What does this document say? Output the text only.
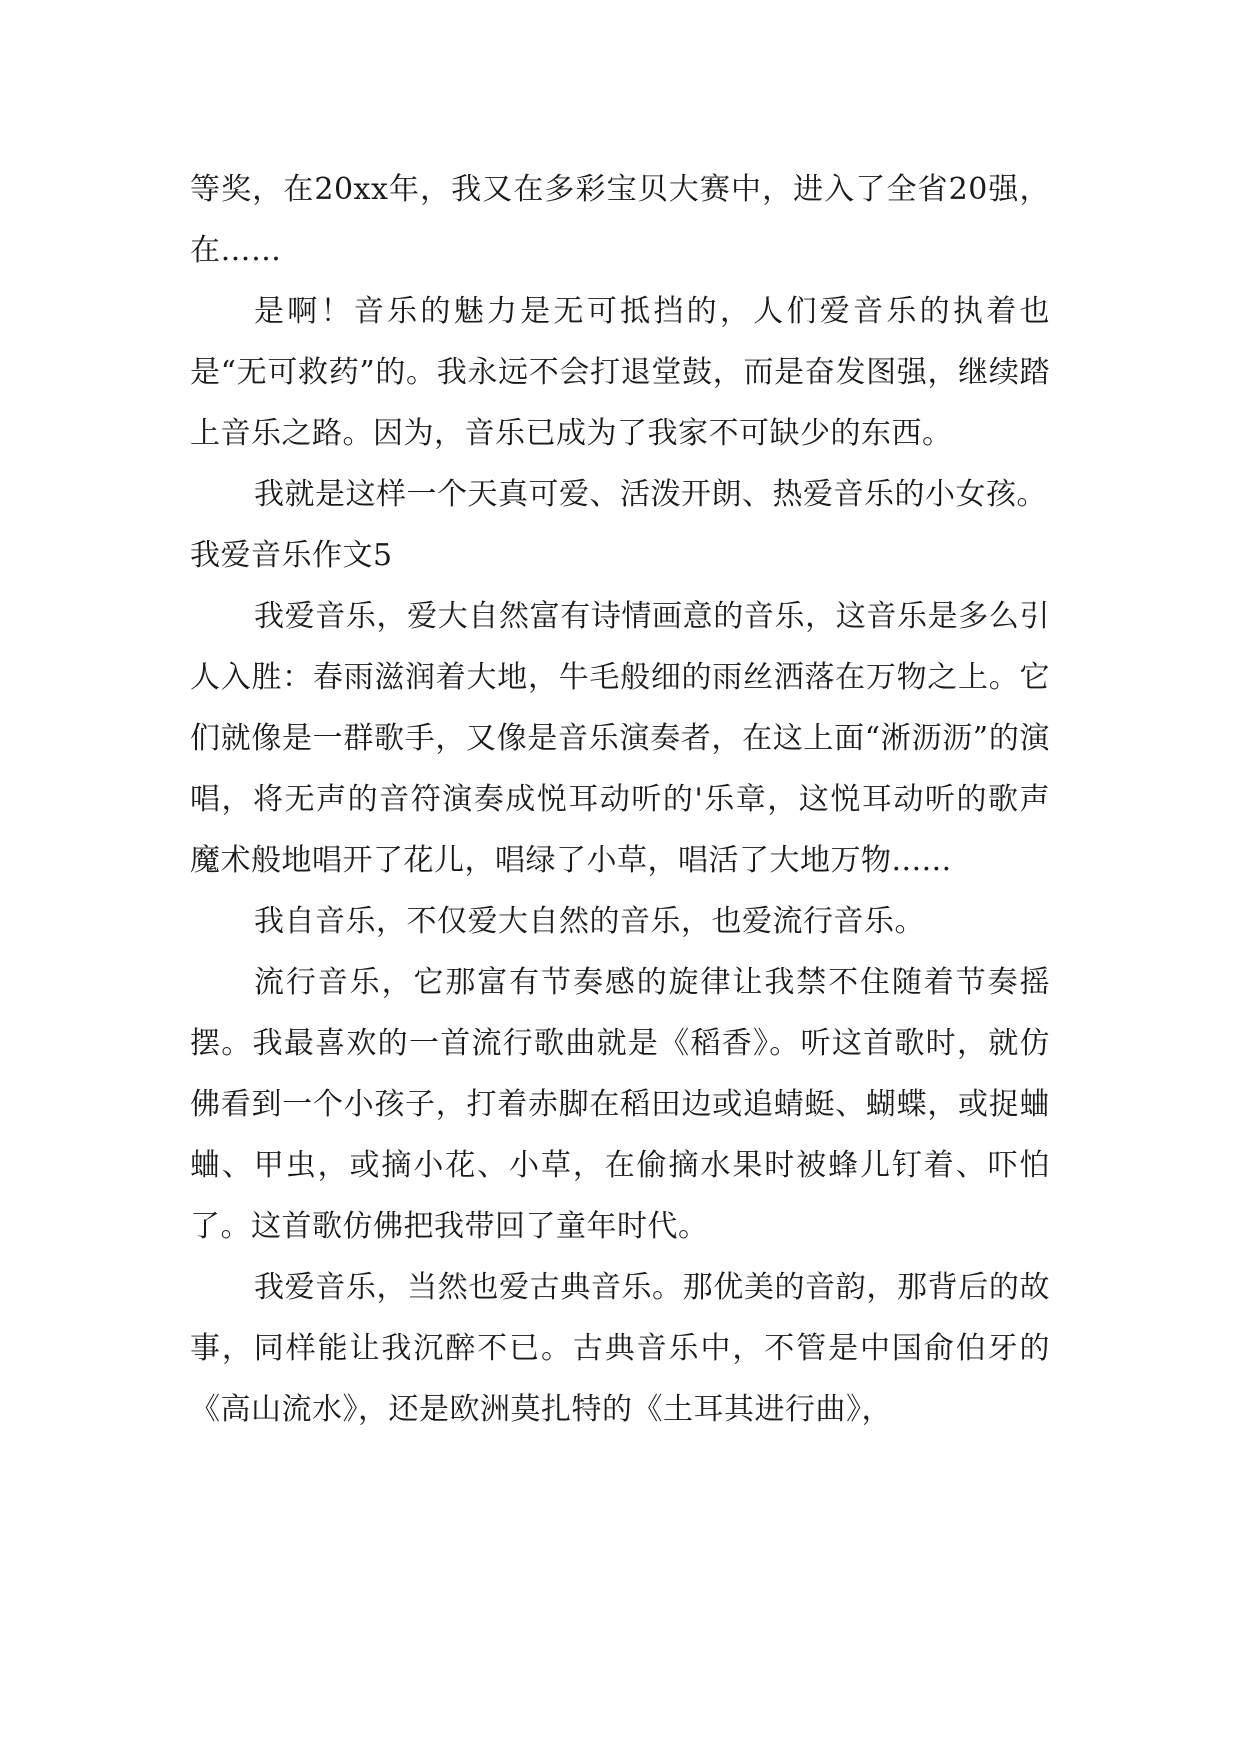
等奖，在20xx年，我又在多彩宝贝大赛中，进入了全省20强，在……

是啊！音乐的魅力是无可抵挡的，人们爱音乐的执着也是“无可救药”的。我永远不会打退堂鼓，而是奋发图强，继续踏上音乐之路。因为，音乐已成为了我家不可缺少的东西。

我就是这样一个天真可爱、活泼开朗、热爱音乐的小女孩。

我爱音乐作文5

我爱音乐，爱大自然富有诗情画意的音乐，这音乐是多么引人入胜：春雨滋润着大地，牛毛般细的雨丝洒落在万物之上。它们就像是一群歌手，又像是音乐演奏者，在这上面“淅沥沥”的演唱，将无声的音符演奏成悦耳动听的'乐章，这悦耳动听的歌声魔术般地唱开了花儿，唱绿了小草，唱活了大地万物......

我自音乐，不仅爱大自然的音乐，也爱流行音乐。

流行音乐，它那富有节奏感的旋律让我禁不住随着节奏摇摆。我最喜欢的一首流行歌曲就是《稻香》。听这首歌时，就仿佛看到一个小孩子，打着赤脚在稻田边或追蜻蜓、蝴蝶，或捉蛐蛐、甲虫，或摘小花、小草，在偷摘水果时被蜂儿钉着、吓怕了。这首歌仿佛把我带回了童年时代。

我爱音乐，当然也爱古典音乐。那优美的音韵，那背后的故事，同样能让我沉醉不已。古典音乐中，不管是中国俞伯牙的《高山流水》，还是欧洲莫扎特的《土耳其进行曲》，
